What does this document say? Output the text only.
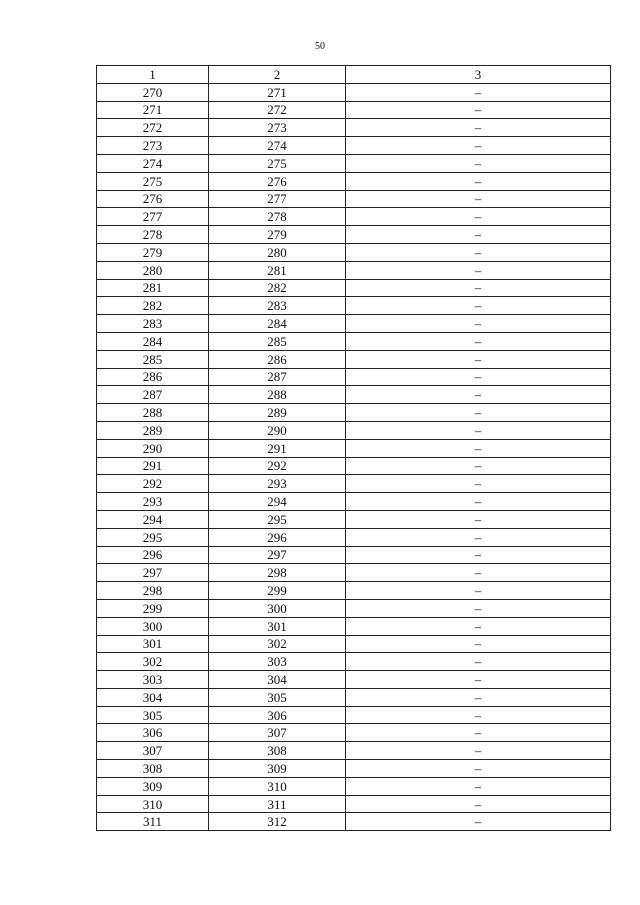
50
1	2	3
270	271	–
271	272	–
272	273	–
273	274	–
274	275	–
275	276	–
276	277	–
277	278	–
278	279	–
279	280	–
280	281	–
281	282	–
282	283	–
283	284	–
284	285	–
285	286	–
286	287	–
287	288	–
288	289	–
289	290	–
290	291	–
291	292	–
292	293	–
293	294	–
294	295	–
295	296	–
296	297	–
297	298	–
298	299	–
299	300	–
300	301	–
301	302	–
302	303	–
303	304	–
304	305	–
305	306	–
306	307	–
307	308	–
308	309	–
309	310	–
310	311	–
311	312	–
